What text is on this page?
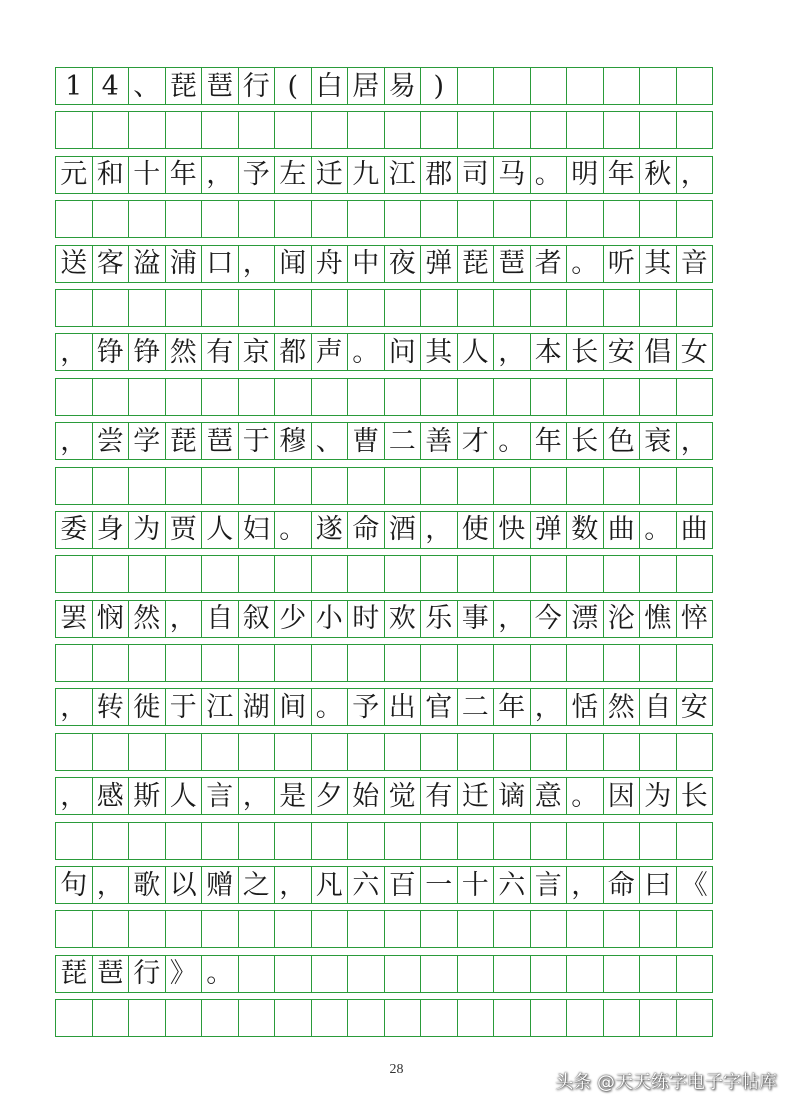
1 4 、 琵 琶 行 ( 白 居 易 )
元 和 十 年 ， 予 左 迁 九 江 郡 司 马 。 明 年 秋 ，
送 客 湓 浦 口 ， 闻 舟 中 夜 弹 琵 琶 者 。 听 其 音
， 铮 铮 然 有 京 都 声 。 问 其 人 ， 本 长 安 倡 女
， 尝 学 琵 琶 于 穆 、 曹 二 善 才 。 年 长 色 衰 ，
委 身 为 贾 人 妇 。 遂 命 酒 ， 使 快 弹 数 曲 。 曲
罢 悯 然 ， 自 叙 少 小 时 欢 乐 事 ， 今 漂 沦 憔 悴
， 转 徙 于 江 湖 间 。 予 出 官 二 年 ， 恬 然 自 安
， 感 斯 人 言 ， 是 夕 始 觉 有 迁 谪 意 。 因 为 长
句 ， 歌 以 赠 之 ， 凡 六 百 一 十 六 言 ， 命 曰 《
琵 琶 行 》 。
28
头条 @天天练字电子字帖库
